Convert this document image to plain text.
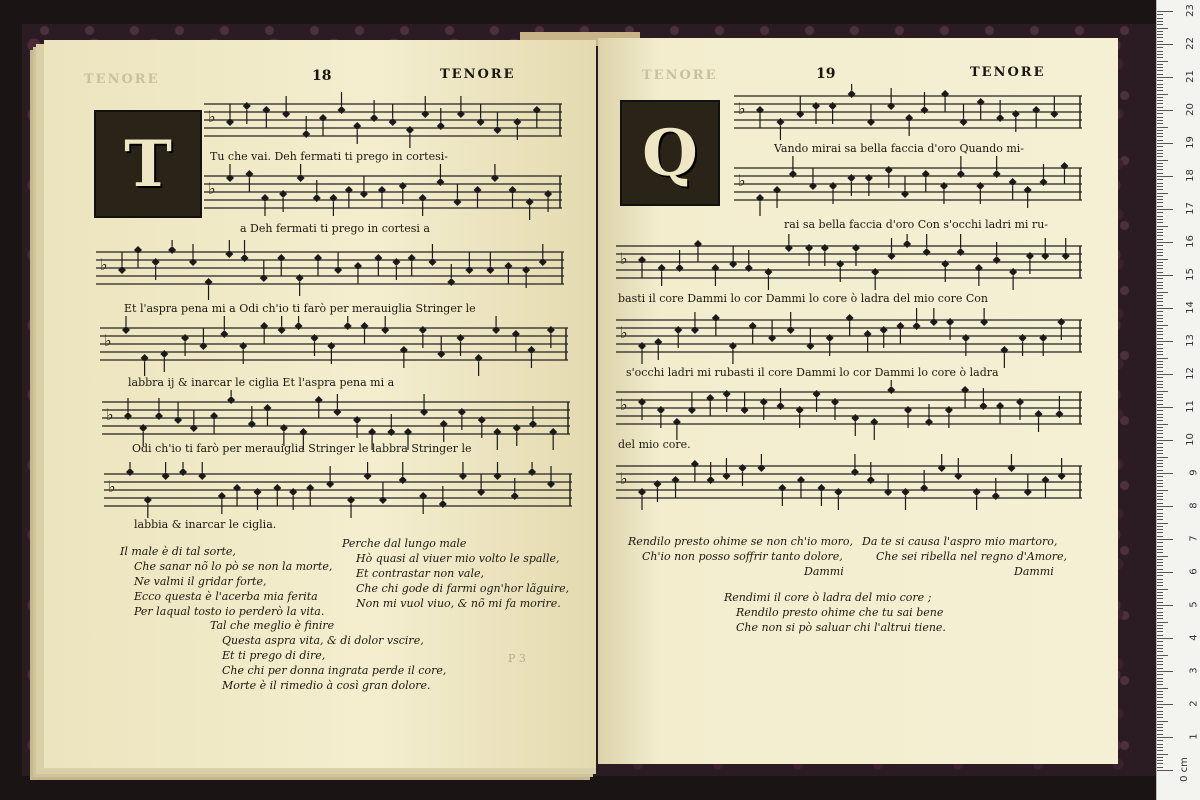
TENORE	18	TENORE
T
♭
♭
♭
♭
♭
♭
Tu che vai. Deh fermati ti prego in cortesi-
a Deh fermati ti prego in cortesi a
Et l'aspra pena mi a Odi ch'io ti farò per merauiglia Stringer le
labbra ij & inarcar le ciglia Et l'aspra pena mi a
Odi ch'io ti farò per merauiglia Stringer le labbra Stringer le
labbia & inarcar le ciglia.
Il male è di tal sorte,
Che sanar nõ lo pò se non la morte,
Ne valmi il gridar forte,
Ecco questa è l'acerba mia ferita
Per laqual tosto io perderò la vita.
Perche dal lungo male
Hò quasi al viuer mio volto le spalle,
Et contrastar non vale,
Che chi gode di farmi ogn'hor lãguire,
Non mi vuol viuo, & nõ mi fa morire.
Tal che meglio è finire
Questa aspra vita, & di dolor vscire,
Et ti prego di dire,
Che chi per donna ingrata perde il core,
Morte è il rimedio à così gran dolore.
P 3
TENORE	19	TENORE
Q
♭
♭
♭
♭
♭
♭
Vando mirai sa bella faccia d'oro Quando mi-
rai sa bella faccia d'oro Con s'occhi ladri mi ru-
basti il core Dammi lo cor Dammi lo core ò ladra del mio core Con
s'occhi ladri mi rubasti il core Dammi lo cor Dammi lo core ò ladra
del mio core.
Rendilo presto ohime se non ch'io moro,
Ch'io non posso soffrir tanto dolore,
Dammi
Da te si causa l'aspro mio martoro,
Che sei ribella nel regno d'Amore,
Dammi
Rendimi il core ò ladra del mio core ;
Rendilo presto ohime che tu sai bene
Che non si pò saluar chi l'altrui tiene.
0 cm
1
2
3
4
5
6
7
8
9
10
11
12
13
14
15
16
17
18
19
20
21
22
23
